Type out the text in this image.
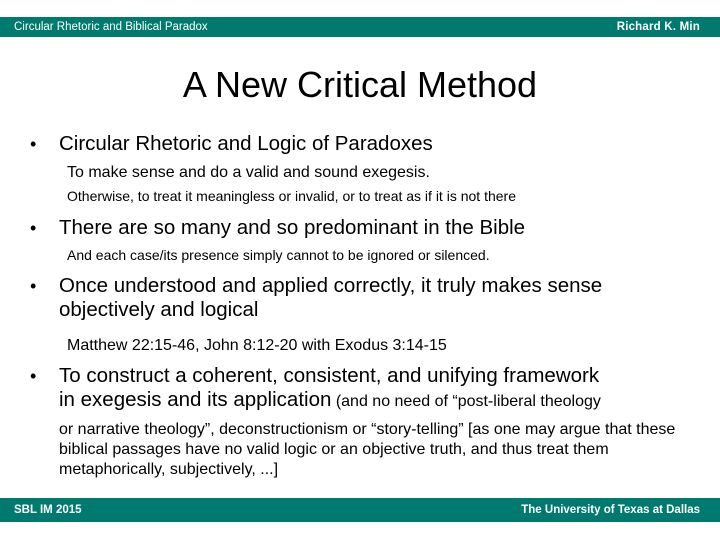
Circular Rhetoric and Biblical Paradox	Richard K. Min
A New Critical Method
• Circular Rhetoric and Logic of Paradoxes
To make sense and do a valid and sound exegesis.
Otherwise, to treat it meaningless or invalid, or to treat as if it is not there
• There are so many and so predominant in the Bible
And each case/its presence simply cannot to be ignored or silenced.
• Once understood and applied correctly, it truly makes sense
objectively and logical
Matthew 22:15-46, John 8:12-20 with Exodus 3:14-15
• To construct a coherent, consistent, and unifying framework
in exegesis and its application (and no need of “post-liberal theology
or narrative theology”, deconstructionism or “story-telling” [as one may argue that these biblical passages have no valid logic or an objective truth, and thus treat them metaphorically, subjectively, ...]
SBL IM 2015	The University of Texas at Dallas
